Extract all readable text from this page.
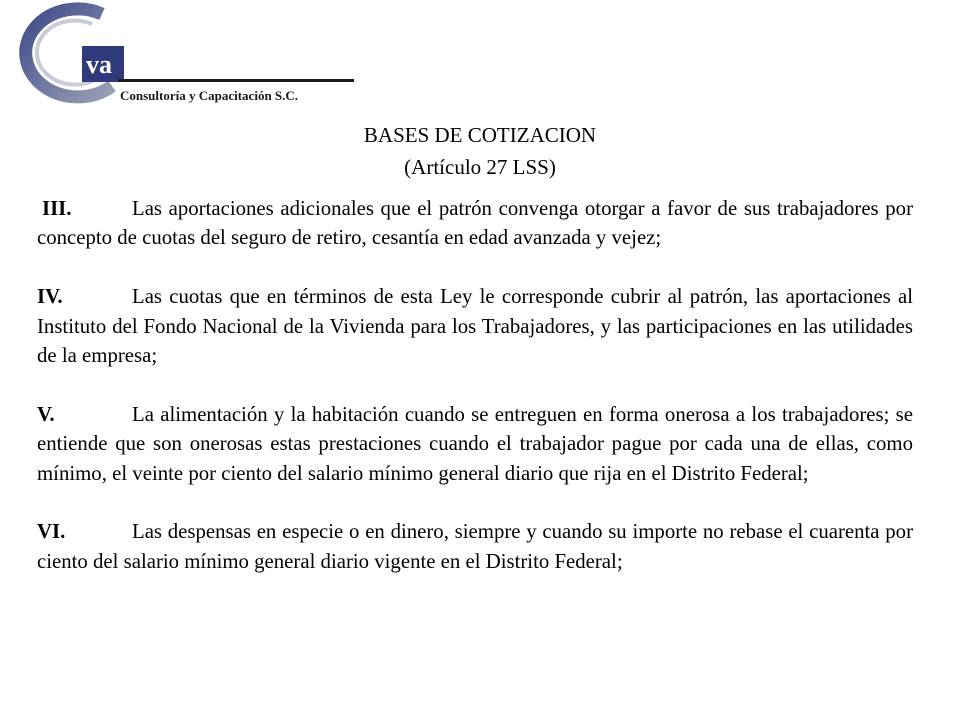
va
Consultoría y Capacitación S.C.
BASES DE COTIZACION
(Artículo 27 LSS)

III.	Las aportaciones adicionales que el patrón convenga otorgar a favor de sus trabajadores por concepto de cuotas del seguro de retiro, cesantía en edad avanzada y vejez;

IV.	Las cuotas que en términos de esta Ley le corresponde cubrir al patrón, las aportaciones al Instituto del Fondo Nacional de la Vivienda para los Trabajadores, y las participaciones en las utilidades de la empresa;

V.	La alimentación y la habitación cuando se entreguen en forma onerosa a los trabajadores; se entiende que son onerosas estas prestaciones cuando el trabajador pague por cada una de ellas, como mínimo, el veinte por ciento del salario mínimo general diario que rija en el Distrito Federal;

VI.	Las despensas en especie o en dinero, siempre y cuando su importe no rebase el cuarenta por ciento del salario mínimo general diario vigente en el Distrito Federal;
